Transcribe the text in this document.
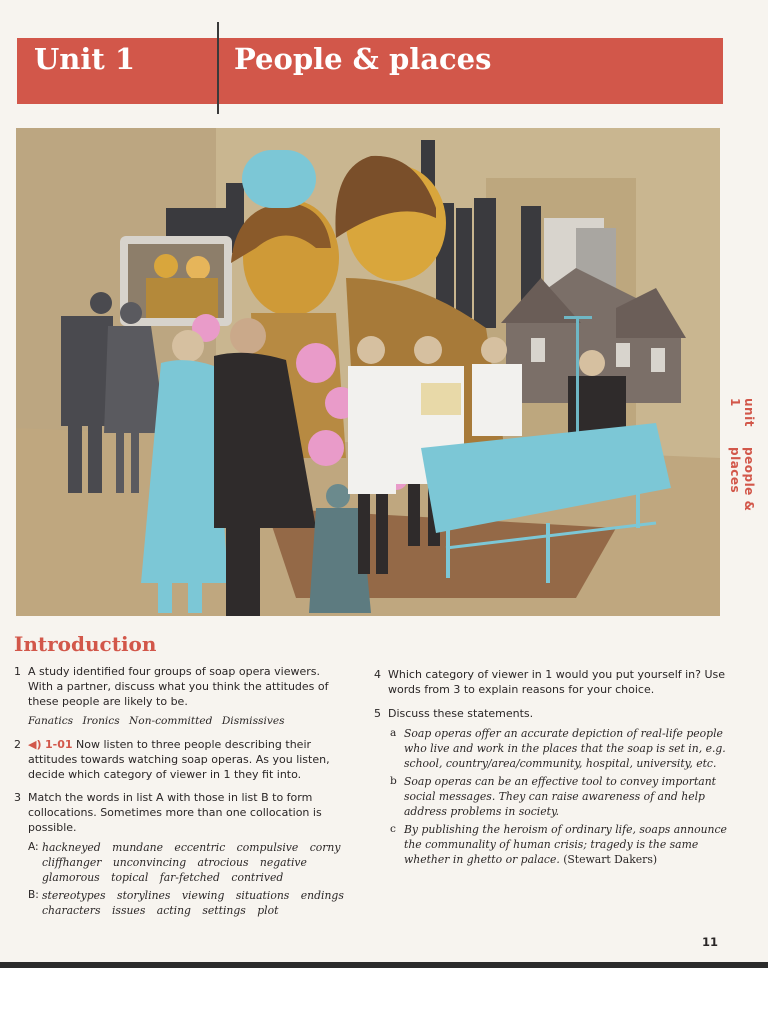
Unit 1	People & places
unit 1
people & places
Introduction
1 A study identified four groups of soap opera viewers. With a partner, discuss what you think the attitudes of these people are likely to be.
Fanatics Ironics Non-committed Dismissives
2 ◀) 1-01 Now listen to three people describing their attitudes towards watching soap operas. As you listen, decide which category of viewer in 1 they fit into.
3 Match the words in list A with those in list B to form collocations. Sometimes more than one collocation is possible.
A: hackneyed mundane eccentric compulsive corny
cliffhanger unconvincing atrocious negative
glamorous topical far-fetched contrived
B: stereotypes storylines viewing situations endings
characters issues acting settings plot
4 Which category of viewer in 1 would you put yourself in? Use words from 3 to explain reasons for your choice.
5 Discuss these statements.
a Soap operas offer an accurate depiction of real-life people who live and work in the places that the soap is set in, e.g. school, country/area/community, hospital, university, etc.
b Soap operas can be an effective tool to convey important social messages. They can raise awareness of and help address problems in society.
c By publishing the heroism of ordinary life, soaps announce the communality of human crisis; tragedy is the same whether in ghetto or palace. (Stewart Dakers)
11
